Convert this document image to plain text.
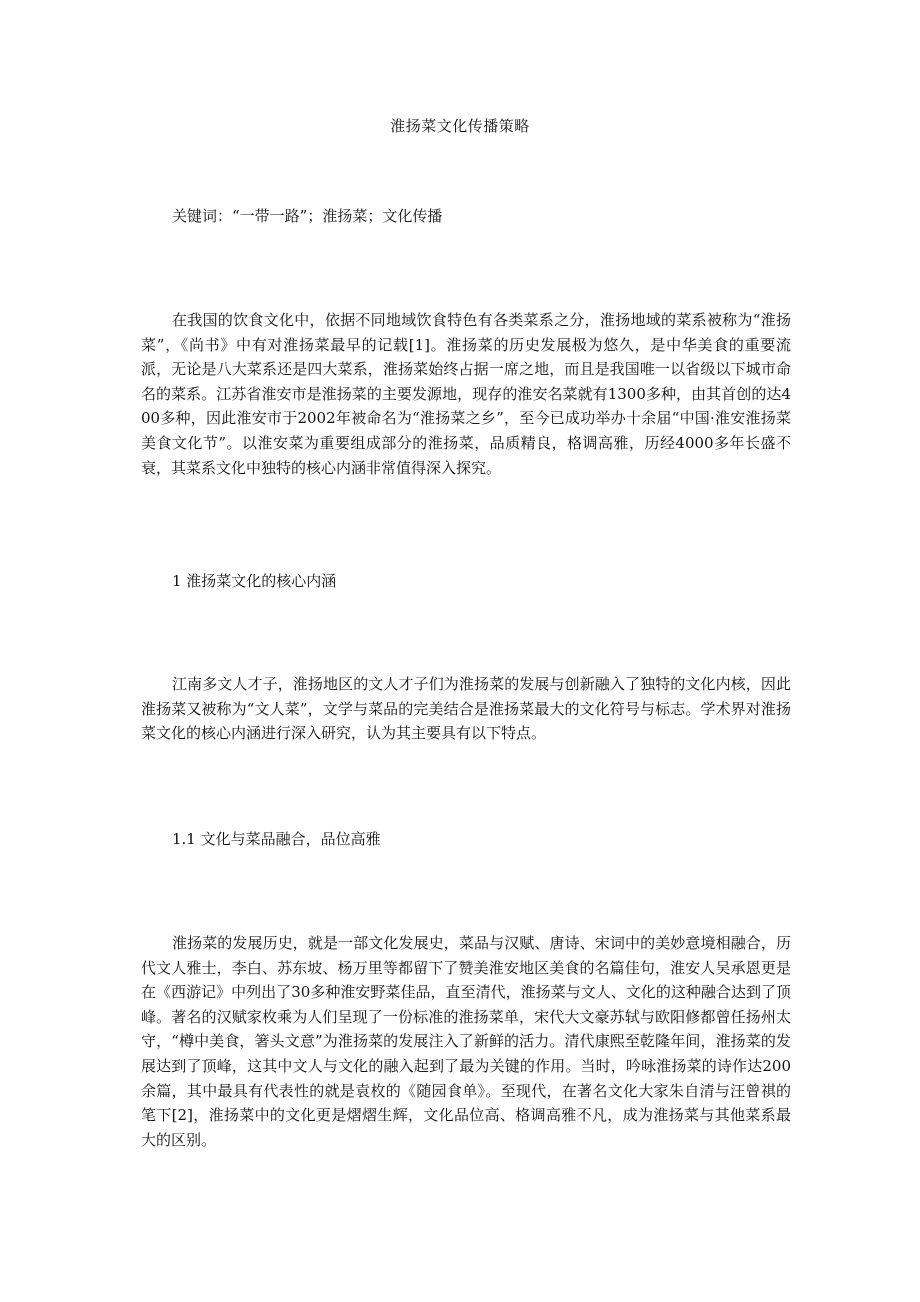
淮扬菜文化传播策略
关键词：“一带一路”；淮扬菜；文化传播

在我国的饮食文化中，依据不同地域饮食特色有各类菜系之分，淮扬地域的菜系被称为“淮扬菜”，《尚书》中有对淮扬菜最早的记载[1]。淮扬菜的历史发展极为悠久，是中华美食的重要流派，无论是八大菜系还是四大菜系，淮扬菜始终占据一席之地，而且是我国唯一以省级以下城市命名的菜系。江苏省淮安市是淮扬菜的主要发源地，现存的淮安名菜就有1300多种，由其首创的达400多种，因此淮安市于2002年被命名为“淮扬菜之乡”，至今已成功举办十余届“中国·淮安淮扬菜美食文化节”。以淮安菜为重要组成部分的淮扬菜，品质精良，格调高雅，历经4000多年长盛不衰，其菜系文化中独特的核心内涵非常值得深入探究。

1 淮扬菜文化的核心内涵

江南多文人才子，淮扬地区的文人才子们为淮扬菜的发展与创新融入了独特的文化内核，因此淮扬菜又被称为“文人菜”，文学与菜品的完美结合是淮扬菜最大的文化符号与标志。学术界对淮扬菜文化的核心内涵进行深入研究，认为其主要具有以下特点。

1.1 文化与菜品融合，品位高雅

淮扬菜的发展历史，就是一部文化发展史，菜品与汉赋、唐诗、宋词中的美妙意境相融合，历代文人雅士，李白、苏东坡、杨万里等都留下了赞美淮安地区美食的名篇佳句，淮安人吴承恩更是在《西游记》中列出了30多种淮安野菜佳品，直至清代，淮扬菜与文人、文化的这种融合达到了顶峰。著名的汉赋家枚乘为人们呈现了一份标准的淮扬菜单，宋代大文豪苏轼与欧阳修都曾任扬州太守，“樽中美食，箸头文意”为淮扬菜的发展注入了新鲜的活力。清代康熙至乾隆年间，淮扬菜的发展达到了顶峰，这其中文人与文化的融入起到了最为关键的作用。当时，吟咏淮扬菜的诗作达200余篇，其中最具有代表性的就是袁枚的《随园食单》。至现代，在著名文化大家朱自清与汪曾祺的笔下[2]，淮扬菜中的文化更是熠熠生辉，文化品位高、格调高雅不凡，成为淮扬菜与其他菜系最大的区别。
